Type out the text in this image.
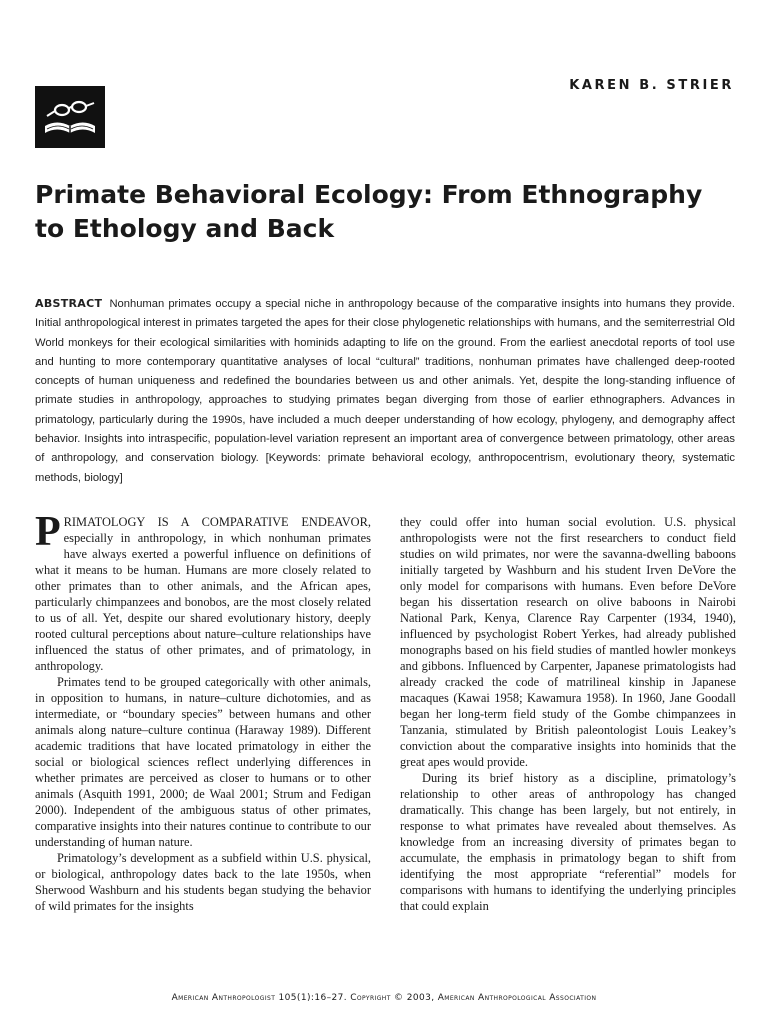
KAREN B. STRIER
Primate Behavioral Ecology: From Ethnography to Ethology and Back

ABSTRACT Nonhuman primates occupy a special niche in anthropology because of the comparative insights into humans they provide. Initial anthropological interest in primates targeted the apes for their close phylogenetic relationships with humans, and the semiterrestrial Old World monkeys for their ecological similarities with hominids adapting to life on the ground. From the earliest anecdotal reports of tool use and hunting to more contemporary quantitative analyses of local “cultural” traditions, nonhuman primates have challenged deep-rooted concepts of human uniqueness and redefined the boundaries between us and other animals. Yet, despite the long-standing influence of primate studies in anthropology, approaches to studying primates began diverging from those of earlier ethnographers. Advances in primatology, particularly during the 1990s, have included a much deeper understanding of how ecology, phylogeny, and demography affect behavior. Insights into intraspecific, population-level variation represent an important area of convergence between primatology, other areas of anthropology, and conservation biology. [Keywords: primate behavioral ecology, anthropocentrism, evolutionary theory, systematic methods, biology]

PRIMATOLOGY IS A COMPARATIVE ENDEAVOR, especially in anthropology, in which nonhuman primates have always exerted a powerful influence on definitions of what it means to be human. Humans are more closely related to other primates than to other animals, and the African apes, particularly chimpanzees and bonobos, are the most closely related to us of all. Yet, despite our shared evolutionary history, deeply rooted cultural perceptions about nature–culture relationships have influenced the status of other primates, and of primatology, in anthropology.

Primates tend to be grouped categorically with other animals, in opposition to humans, in nature–culture dichotomies, and as intermediate, or “boundary species” between humans and other animals along nature–culture continua (Haraway 1989). Different academic traditions that have located primatology in either the social or biological sciences reflect underlying differences in whether primates are perceived as closer to humans or to other animals (Asquith 1991, 2000; de Waal 2001; Strum and Fedigan 2000). Independent of the ambiguous status of other primates, comparative insights into their natures continue to contribute to our understanding of human nature.

Primatology’s development as a subfield within U.S. physical, or biological, anthropology dates back to the late 1950s, when Sherwood Washburn and his students began studying the behavior of wild primates for the insights

they could offer into human social evolution. U.S. physical anthropologists were not the first researchers to conduct field studies on wild primates, nor were the savanna-dwelling baboons initially targeted by Washburn and his student Irven DeVore the only model for comparisons with humans. Even before DeVore began his dissertation research on olive baboons in Nairobi National Park, Kenya, Clarence Ray Carpenter (1934, 1940), influenced by psychologist Robert Yerkes, had already published monographs based on his field studies of mantled howler monkeys and gibbons. Influenced by Carpenter, Japanese primatologists had already cracked the code of matrilineal kinship in Japanese macaques (Kawai 1958; Kawamura 1958). In 1960, Jane Goodall began her long-term field study of the Gombe chimpanzees in Tanzania, stimulated by British paleontologist Louis Leakey’s conviction about the comparative insights into hominids that the great apes would provide.

During its brief history as a discipline, primatology’s relationship to other areas of anthropology has changed dramatically. This change has been largely, but not entirely, in response to what primates have revealed about themselves. As knowledge from an increasing diversity of primates began to accumulate, the emphasis in primatology began to shift from identifying the most appropriate “referential” models for comparisons with humans to identifying the underlying principles that could explain

American Anthropologist 105(1):16–27. Copyright © 2003, American Anthropological Association
